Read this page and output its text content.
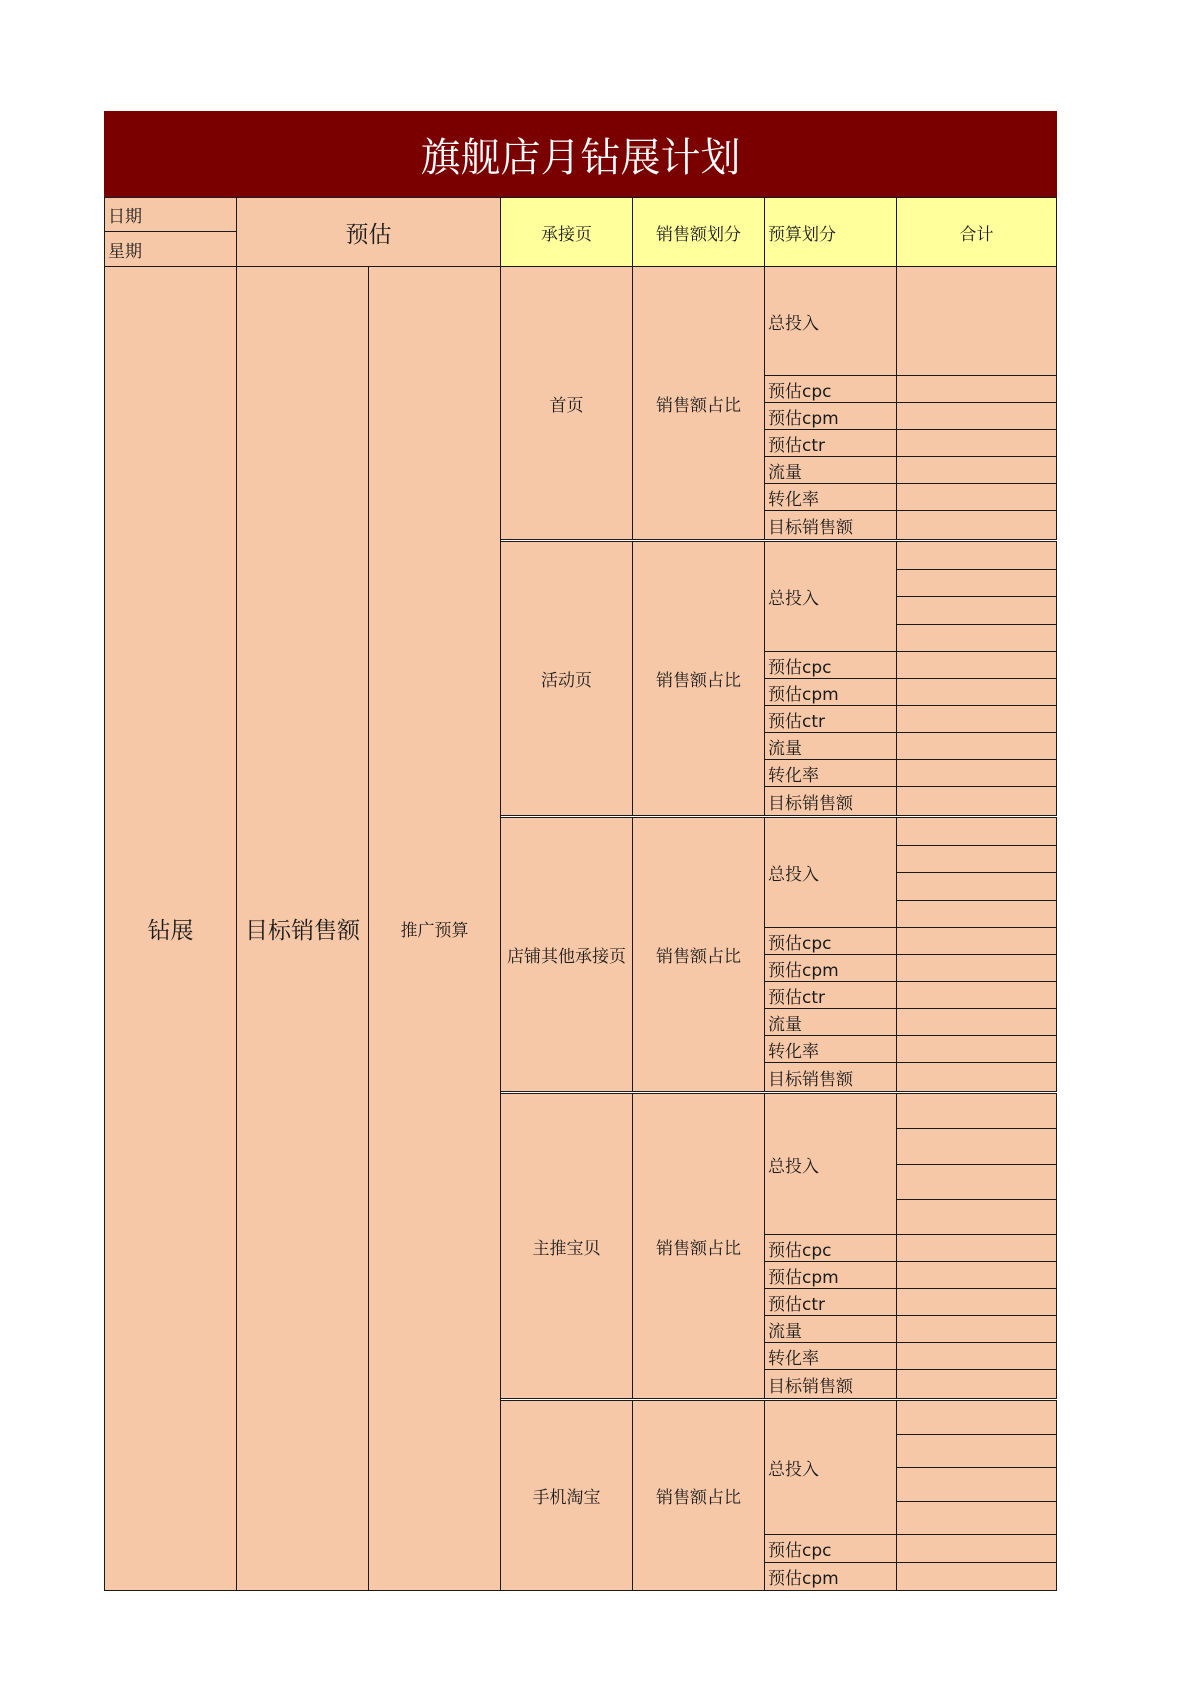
旗舰店月钻展计划
日期
星期
预估	承接页	销售额划分	预算划分	合计
钻展	目标销售额	推广预算
首页	销售额占比
总投入
预估cpc
预估cpm
预估ctr
流量
转化率
目标销售额
活动页	销售额占比
总投入
预估cpc
预估cpm
预估ctr
流量
转化率
目标销售额
店铺其他承接页	销售额占比
总投入
预估cpc
预估cpm
预估ctr
流量
转化率
目标销售额
主推宝贝	销售额占比
总投入
预估cpc
预估cpm
预估ctr
流量
转化率
目标销售额
手机淘宝	销售额占比
总投入
预估cpc
预估cpm
